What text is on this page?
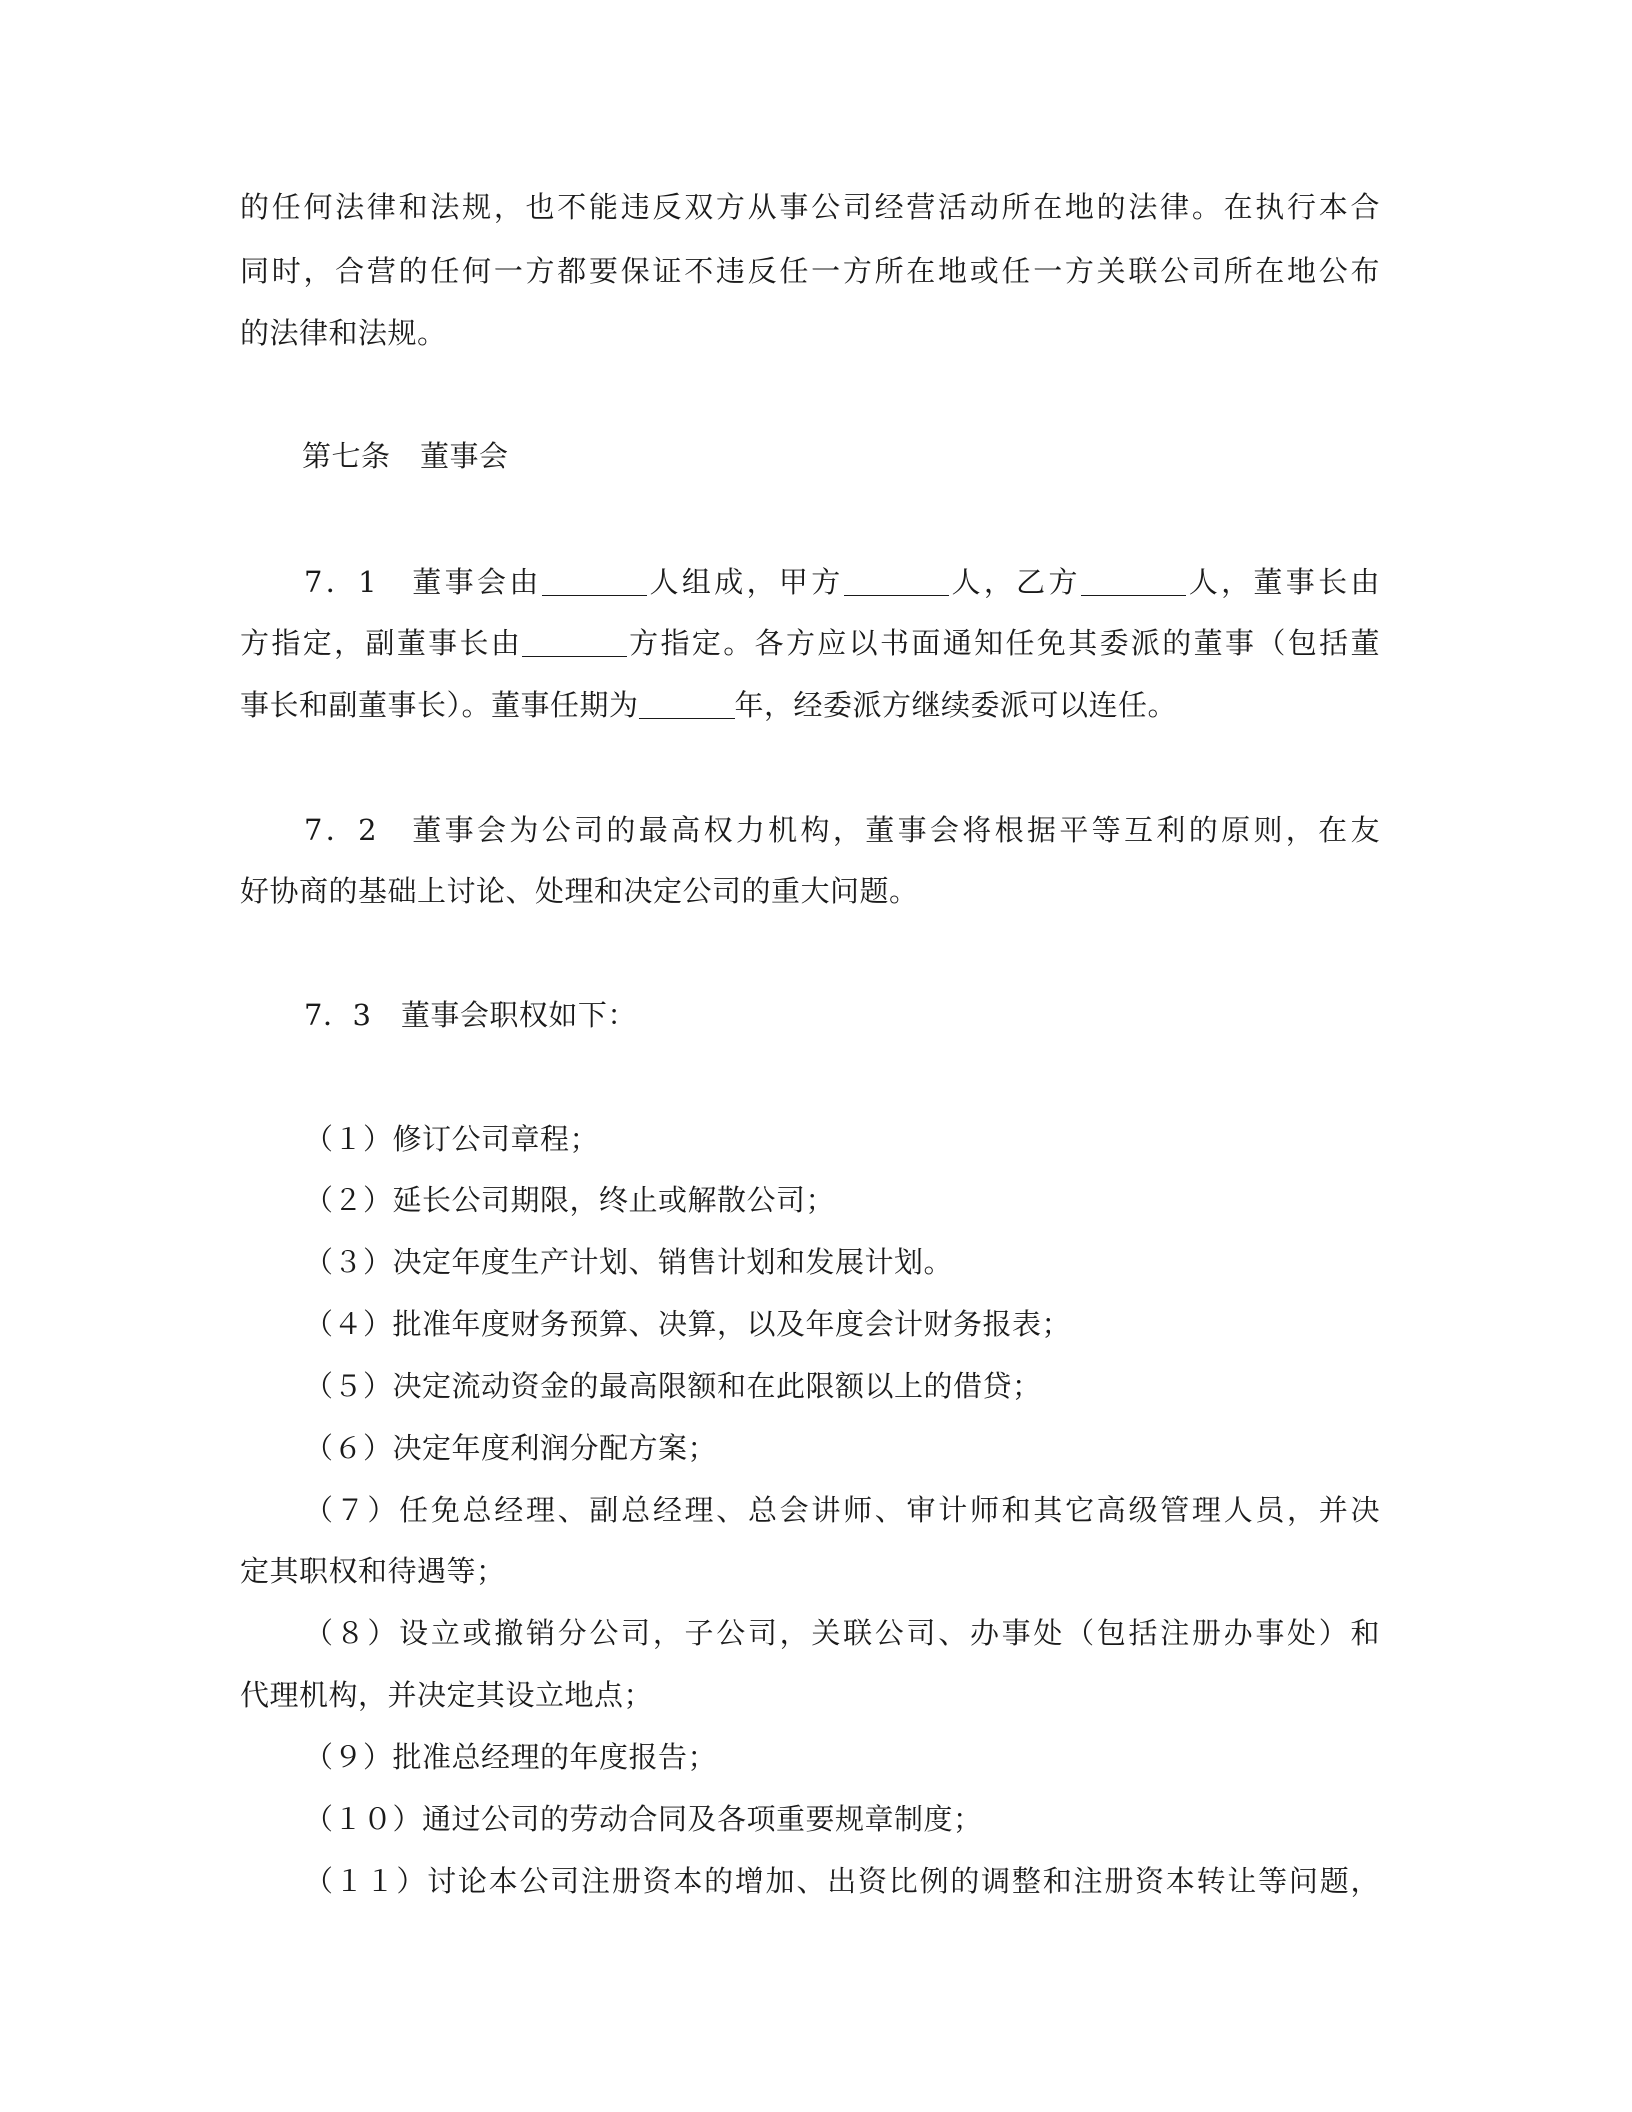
的任何法律和法规，也不能违反双方从事公司经营活动所在地的法律。在执行本合
同时，合营的任何一方都要保证不违反任一方所在地或任一方关联公司所在地公布
的法律和法规。
第七条　董事会
7．1　董事会由	人组成，甲方	人，乙方	人，董事长由
方指定，副董事长由	方指定。各方应以书面通知任免其委派的董事（包括董
事长和副董事长）。董事任期为	年，经委派方继续委派可以连任。
7．2　董事会为公司的最高权力机构，董事会将根据平等互利的原则，在友
好协商的基础上讨论、处理和决定公司的重大问题。
7．3　董事会职权如下：
（１）修订公司章程；
（２）延长公司期限，终止或解散公司；
（３）决定年度生产计划、销售计划和发展计划。
（４）批准年度财务预算、决算，以及年度会计财务报表；
（５）决定流动资金的最高限额和在此限额以上的借贷；
（６）决定年度利润分配方案；
（７）任免总经理、副总经理、总会讲师、审计师和其它高级管理人员，并决
定其职权和待遇等；
（８）设立或撤销分公司，子公司，关联公司、办事处（包括注册办事处）和
代理机构，并决定其设立地点；
（９）批准总经理的年度报告；
（１０）通过公司的劳动合同及各项重要规章制度；
（１１）讨论本公司注册资本的增加、出资比例的调整和注册资本转让等问题，
